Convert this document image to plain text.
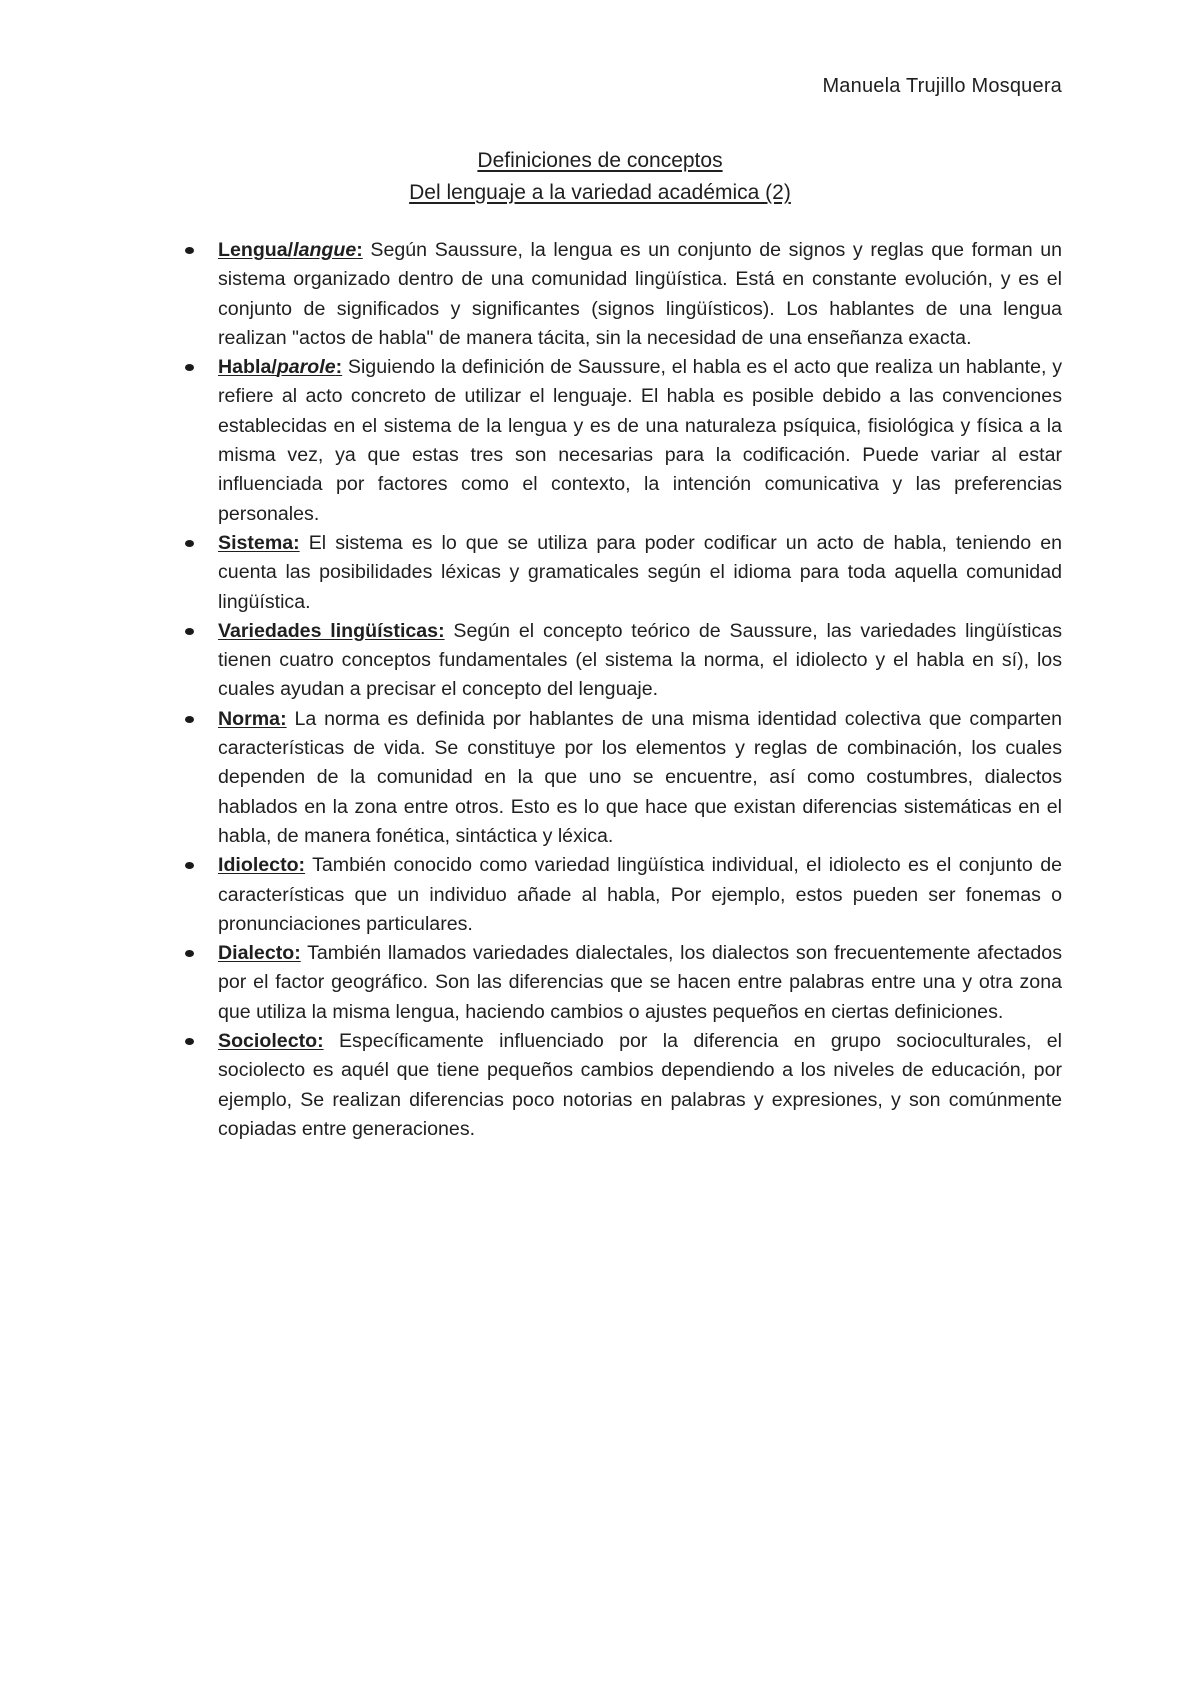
Manuela Trujillo Mosquera
Definiciones de conceptos
Del lenguaje a la variedad académica (2)
Lengua/langue: Según Saussure, la lengua es un conjunto de signos y reglas que forman un sistema organizado dentro de una comunidad lingüística. Está en constante evolución, y es el conjunto de significados y significantes (signos lingüísticos). Los hablantes de una lengua realizan "actos de habla" de manera tácita, sin la necesidad de una enseñanza exacta.
Habla/parole: Siguiendo la definición de Saussure, el habla es el acto que realiza un hablante, y refiere al acto concreto de utilizar el lenguaje. El habla es posible debido a las convenciones establecidas en el sistema de la lengua y es de una naturaleza psíquica, fisiológica y física a la misma vez, ya que estas tres son necesarias para la codificación. Puede variar al estar influenciada por factores como el contexto, la intención comunicativa y las preferencias personales.
Sistema: El sistema es lo que se utiliza para poder codificar un acto de habla, teniendo en cuenta las posibilidades léxicas y gramaticales según el idioma para toda aquella comunidad lingüística.
Variedades lingüísticas: Según el concepto teórico de Saussure, las variedades lingüísticas tienen cuatro conceptos fundamentales (el sistema la norma, el idiolecto y el habla en sí), los cuales ayudan a precisar el concepto del lenguaje.
Norma: La norma es definida por hablantes de una misma identidad colectiva que comparten características de vida. Se constituye por los elementos y reglas de combinación, los cuales dependen de la comunidad en la que uno se encuentre, así como costumbres, dialectos hablados en la zona entre otros. Esto es lo que hace que existan diferencias sistemáticas en el habla, de manera fonética, sintáctica y léxica.
Idiolecto: También conocido como variedad lingüística individual, el idiolecto es el conjunto de características que un individuo añade al habla, Por ejemplo, estos pueden ser fonemas o pronunciaciones particulares.
Dialecto: También llamados variedades dialectales, los dialectos son frecuentemente afectados por el factor geográfico. Son las diferencias que se hacen entre palabras entre una y otra zona que utiliza la misma lengua, haciendo cambios o ajustes pequeños en ciertas definiciones.
Sociolecto: Específicamente influenciado por la diferencia en grupo socioculturales, el sociolecto es aquél que tiene pequeños cambios dependiendo a los niveles de educación, por ejemplo, Se realizan diferencias poco notorias en palabras y expresiones, y son comúnmente copiadas entre generaciones.
